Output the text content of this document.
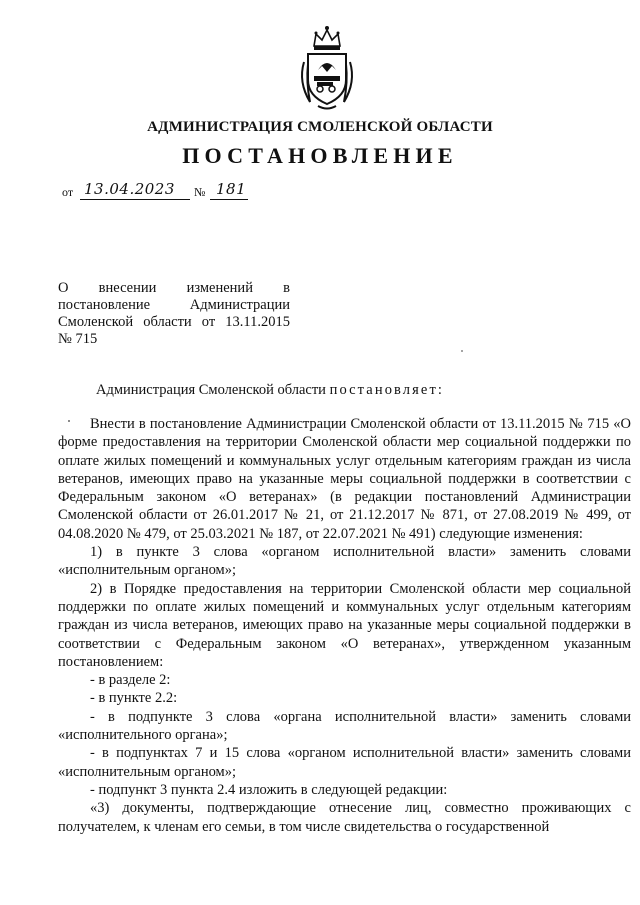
АДМИНИСТРАЦИЯ СМОЛЕНСКОЙ ОБЛАСТИ
ПОСТАНОВЛЕНИЕ
от 13.04.2023 № 181
О внесении изменений в
постановление Администрации
Смоленской области от 13.11.2015
№ 715
Администрация Смоленской области постановляет:

Внести в постановление Администрации Смоленской области от 13.11.2015 № 715 «О форме предоставления на территории Смоленской области мер социальной поддержки по оплате жилых помещений и коммунальных услуг отдельным категориям граждан из числа ветеранов, имеющих право на указанные меры социальной поддержки в соответствии с Федеральным законом «О ветеранах» (в редакции постановлений Администрации Смоленской области от 26.01.2017 № 21, от 21.12.2017 № 871, от 27.08.2019 № 499, от 04.08.2020 № 479, от 25.03.2021 № 187, от 22.07.2021 № 491) следующие изменения:

1) в пункте 3 слова «органом исполнительной власти» заменить словами «исполнительным органом»;

2) в Порядке предоставления на территории Смоленской области мер социальной поддержки по оплате жилых помещений и коммунальных услуг отдельным категориям граждан из числа ветеранов, имеющих право на указанные меры социальной поддержки в соответствии с Федеральным законом «О ветеранах», утвержденном указанным постановлением:

- в разделе 2:

- в пункте 2.2:

- в подпункте 3 слова «органа исполнительной власти» заменить словами «исполнительного органа»;

- в подпунктах 7 и 15 слова «органом исполнительной власти» заменить словами «исполнительным органом»;

- подпункт 3 пункта 2.4 изложить в следующей редакции:

«3) документы, подтверждающие отнесение лиц, совместно проживающих с получателем, к членам его семьи, в том числе свидетельства о государственной
